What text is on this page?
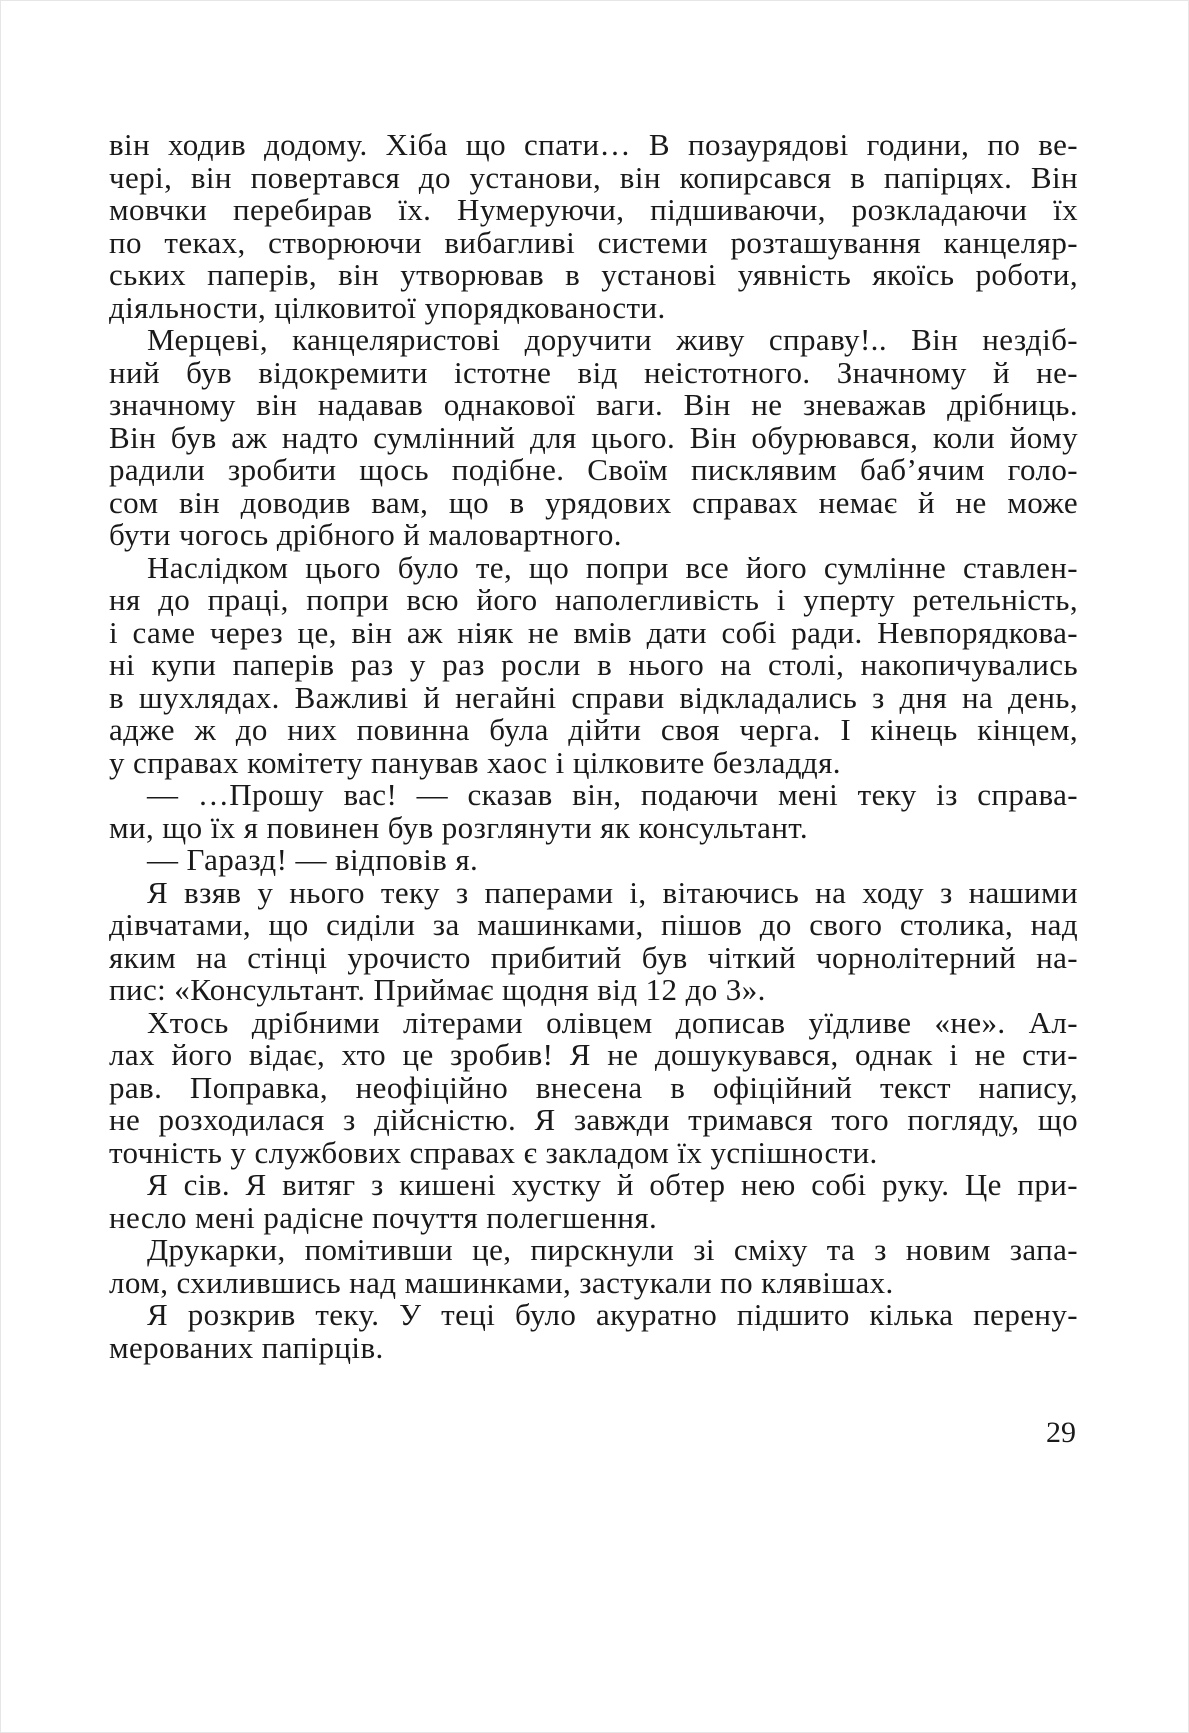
він ходив додому. Хіба що спати… В позаурядові години, по ве-
чері, він повертався до установи, він копирсався в папірцях. Він
мовчки перебирав їх. Нумеруючи, підшиваючи, розкладаючи їх
по теках, створюючи вибагливі системи розташування канцеляр-
ських паперів, він утворював в установі уявність якоїсь роботи,
діяльности, цілковитої упорядкованости.
Мерцеві, канцеляристові доручити живу справу!.. Він нездіб-
ний був відокремити істотне від неістотного. Значному й не-
значному він надавав однакової ваги. Він не зневажав дрібниць.
Він був аж надто сумлінний для цього. Він обурювався, коли йому
радили зробити щось подібне. Своїм писклявим баб’ячим голо-
сом він доводив вам, що в урядових справах немає й не може
бути чогось дрібного й маловартного.
Наслідком цього було те, що попри все його сумлінне ставлен-
ня до праці, попри всю його наполегливість і уперту ретельність,
і саме через це, він аж ніяк не вмів дати собі ради. Невпорядкова-
ні купи паперів раз у раз росли в нього на столі, накопичувались
в шухлядах. Важливі й негайні справи відкладались з дня на день,
адже ж до них повинна була дійти своя черга. І кінець кінцем,
у справах комітету панував хаос і цілковите безладдя.
— …Прошу вас! — сказав він, подаючи мені теку із справа-
ми, що їх я повинен був розглянути як консультант.
— Гаразд! — відповів я.
Я взяв у нього теку з паперами і, вітаючись на ходу з нашими
дівчатами, що сиділи за машинками, пішов до свого столика, над
яким на стінці урочисто прибитий був чіткий чорнолітерний на-
пис: «Консультант. Приймає щодня від 12 до 3».
Хтось дрібними літерами олівцем дописав уїдливе «не». Ал-
лах його відає, хто це зробив! Я не дошукувався, однак і не сти-
рав. Поправка, неофіційно внесена в офіційний текст напису,
не розходилася з дійсністю. Я завжди тримався того погляду, що
точність у службових справах є закладом їх успішности.
Я сів. Я витяг з кишені хустку й обтер нею собі руку. Це при-
несло мені радісне почуття полегшення.
Друкарки, помітивши це, пирскнули зі сміху та з новим запа-
лом, схилившись над машинками, застукали по клявішах.
Я розкрив теку. У теці було акуратно підшито кілька перену-
мерованих папірців.
29
